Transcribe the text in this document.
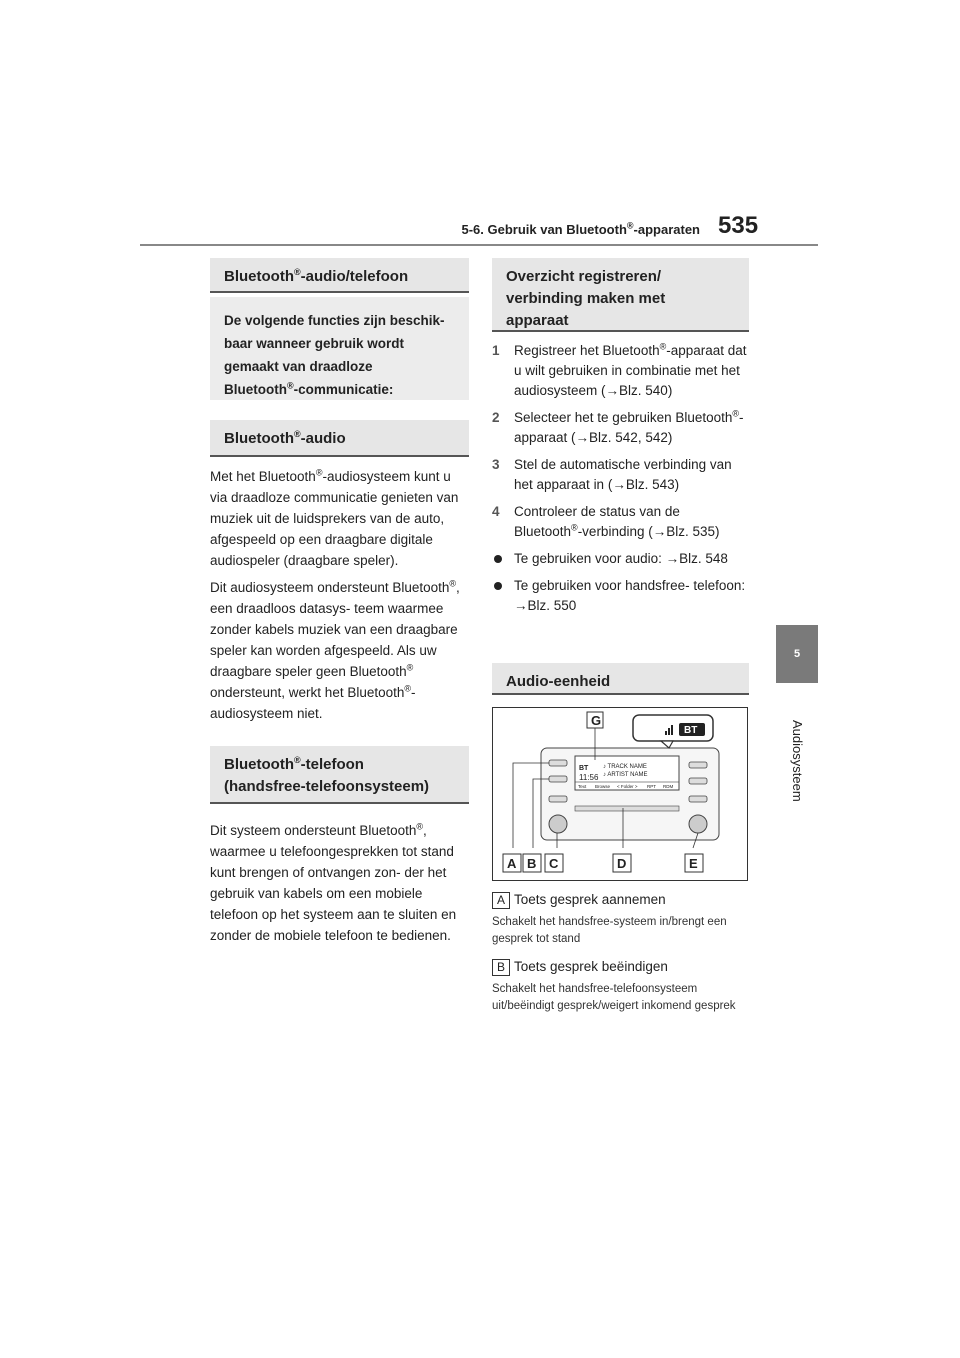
5-6. Gebruik van Bluetooth®-apparaten 535
5
Audiosysteem
Bluetooth®-audio/telefoon
De volgende functies zijn beschik-
baar wanneer gebruik wordt
gemaakt van draadloze
Bluetooth®-communicatie:
Bluetooth®-audio

Met het Bluetooth®-audiosysteem kunt u via draadloze communicatie genieten van muziek uit de luidsprekers van de auto, afgespeeld op een draagbare digitale audiospeler (draagbare speler).

Dit audiosysteem ondersteunt Bluetooth®, een draadloos datasys- teem waarmee zonder kabels muziek van een draagbare speler kan worden afgespeeld. Als uw draagbare speler geen Bluetooth® ondersteunt, werkt het Bluetooth®-audiosysteem niet.

Bluetooth®-telefoon
(handsfree-telefoonsysteem)

Dit systeem ondersteunt Bluetooth®, waarmee u telefoongesprekken tot stand kunt brengen of ontvangen zon- der het gebruik van kabels om een mobiele telefoon op het systeem aan te sluiten en zonder de mobiele telefoon te bedienen.

Overzicht registreren/
verbinding maken met
apparaat
1 Registreer het Bluetooth®-apparaat dat u wilt gebruiken in combinatie met het audiosysteem (→Blz. 540)
2 Selecteer het te gebruiken Bluetooth®-apparaat (→Blz. 542, 542)
3 Stel de automatische verbinding van het apparaat in (→Blz. 543)
4 Controleer de status van de Bluetooth®-verbinding (→Blz. 535)
Te gebruiken voor audio: →Blz. 548
Te gebruiken voor handsfree- telefoon: →Blz. 550
Audio-eenheid
BT
11:56
♪ TRACK NAME
♪ ARTIST NAME
Text Browse < Folder > RPT RDM
G
BT
A B C	D	E
A Toets gesprek aannemen
Schakelt het handsfree-systeem in/brengt een gesprek tot stand
B Toets gesprek beëindigen
Schakelt het handsfree-telefoonsysteem uit/beëindigt gesprek/weigert inkomend gesprek
